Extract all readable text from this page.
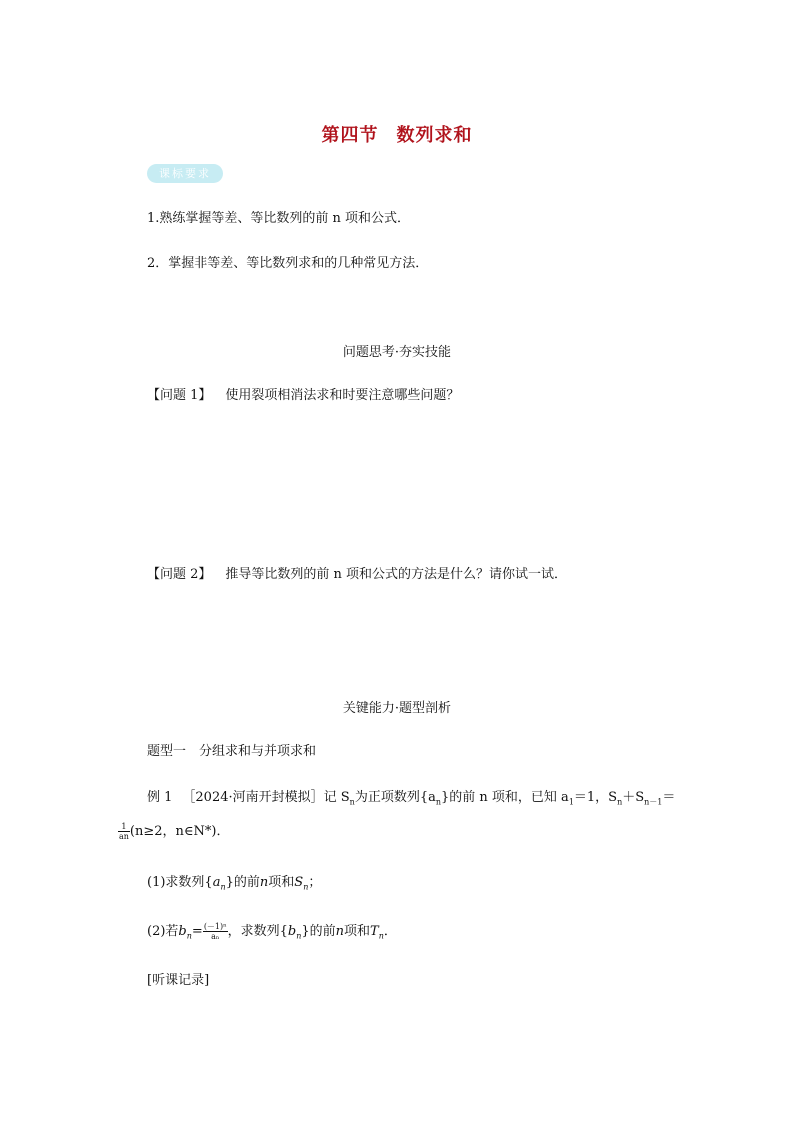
第四节 数列求和
课标要求
1.熟练掌握等差、等比数列的前 n 项和公式．
2．掌握非等差、等比数列求和的几种常见方法．
问题思考·夯实技能
【问题 1】 使用裂项相消法求和时要注意哪些问题？
【问题 2】 推导等比数列的前 n 项和公式的方法是什么？请你试一试．
关键能力·题型剖析
题型一　分组求和与并项求和
例 1 ［2024·河南开封模拟］记 $S_n$为正项数列$\{a_n\}$的前 n 项和，已知 $a_1=1$，$S_n+S_{n-1}=$
$\frac{1}{an} (n\ge 2$，n∈N*)．
(1)求数列$\{a_n\}$的前n项和$S_n$；
(2)若$b_n= \frac{\text{(－1)ⁿ}}{\text{aₙ}}$ ，求数列$\{b_n\}$的前n项和$T_n$．
[听课记录]
